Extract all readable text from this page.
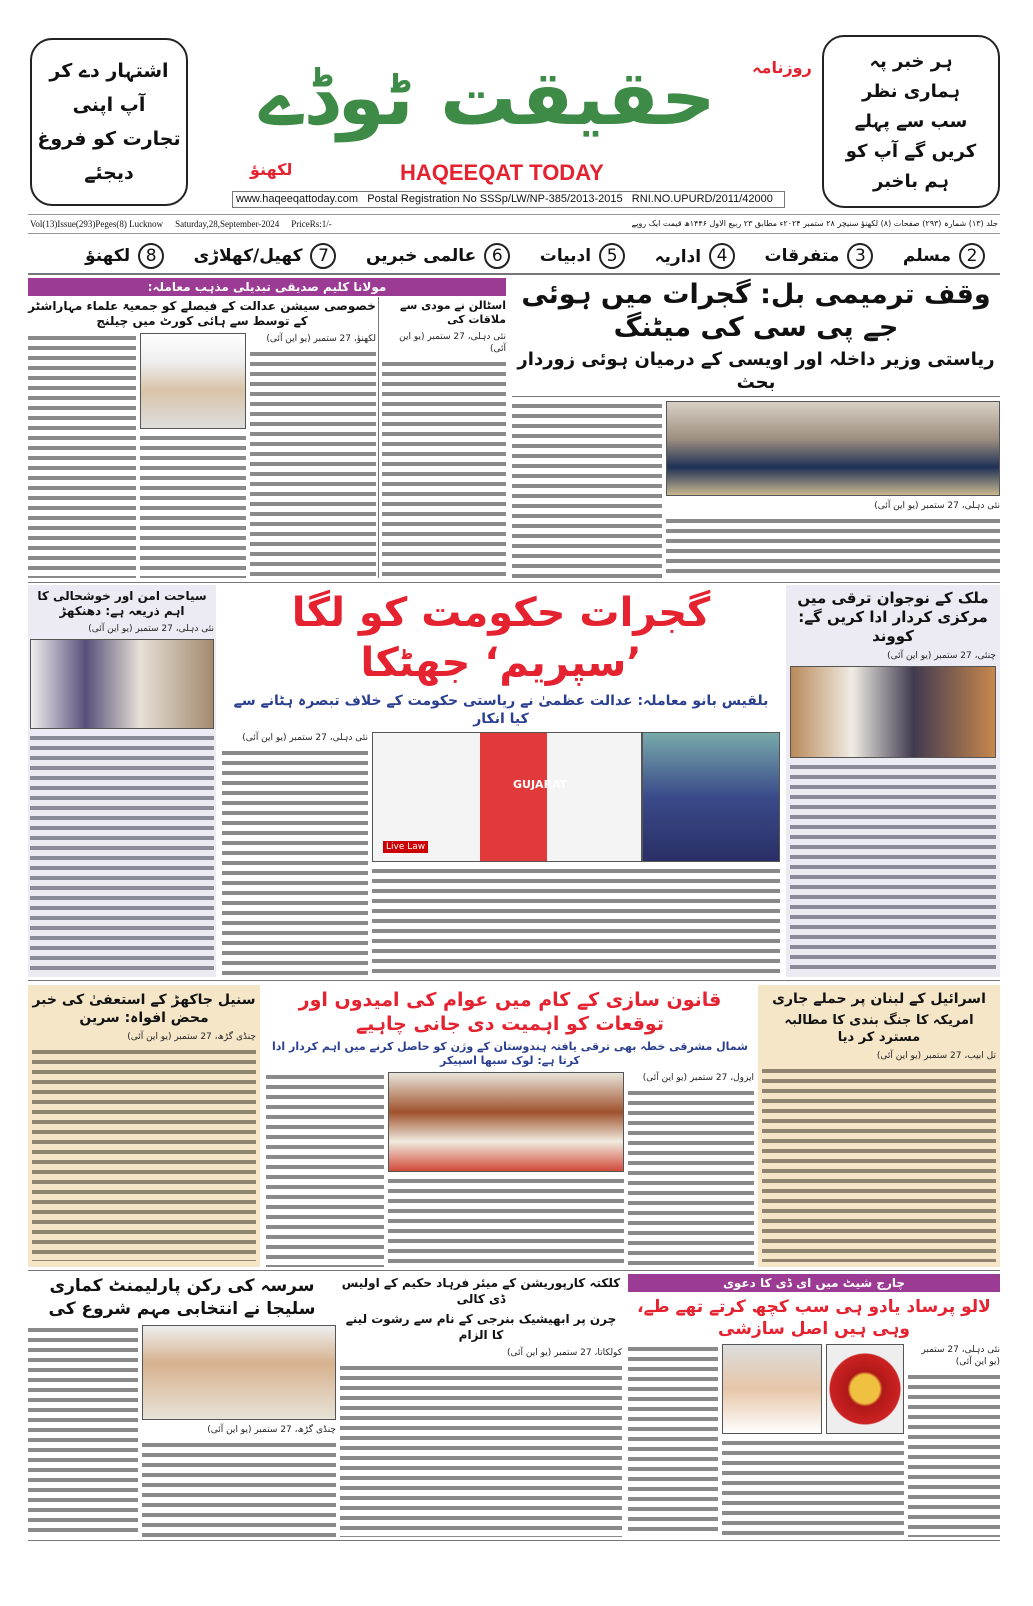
اشتہار دے کر
آپ اپنی
تجارت کو فروغ
دیجئے
ہر خبر پہ
ہماری نظر
سب سے پہلے
کریں گے آپ کو
ہم باخبر
حقیقت ٹوڈے	روزنامہ
لکھنؤ	HAQEEQAT TODAY
www.haqeeqattoday.com   Postal Registration No SSSp/LW/NP-385/2013-2015   RNI.NO.UPURD/2011/42000
Vol(13)Issue(293)Peges(8) Lucknow Saturday,28,September-2024 PriceRs:1/-	جلد (۱۳) شمارہ (۲۹۳) صفحات (۸) لکھنؤ سنیچر ۲۸ ستمبر ۲۰۲۴ء مطابق ۲۳ ربیع الاول ۱۴۴۶ھ قیمت ایک روپے
2
مسلم
3
متفرقات
4
اداریہ
5
ادبیات
6
عالمی خبریں
7
کھیل/کھلاڑی
8
لکھنؤ
مولانا کلیم صدیقی تبدیلی مذہب معاملہ:
خصوصی سیشن عدالت کے فیصلے کو جمعیۃ علماء مہاراشٹر کے توسط سے ہائی کورٹ میں چیلنج
لکھنؤ، 27 ستمبر (یو این آئی)
اسٹالن نے مودی سے ملاقات کی
نئی دہلی، 27 ستمبر (یو این آئی)
وقف ترمیمی بل: گجرات میں ہوئی جے پی سی کی میٹنگ
ریاستی وزیر داخلہ اور اویسی کے درمیان ہوئی زوردار بحث
نئی دہلی، 27 ستمبر (یو این آئی)
سیاحت امن اور خوشحالی کا اہم ذریعہ ہے: دھنکھڑ
نئی دہلی، 27 ستمبر (یو این آئی)	گجرات حکومت کو لگا ’سپریم‘ جھٹکا
بلقیس بانو معاملہ: عدالت عظمیٰ نے ریاستی حکومت کے خلاف تبصرہ ہٹانے سے کیا انکار
نئی دہلی، 27 ستمبر (یو این آئی)
GUJARAT
Live Law
ملک کے نوجوان ترقی میں مرکزی کردار ادا کریں گے: کووند
چنئی، 27 ستمبر (یو این آئی)
سنیل جاکھڑ کے استعفیٰ کی خبر محض افواہ: سرین
چنڈی گڑھ، 27 ستمبر (یو این آئی)
قانون سازی کے کام میں عوام کی امیدوں اور توقعات کو اہمیت دی جانی چاہیے
شمال مشرقی خطہ بھی ترقی یافتہ ہندوستان کے وژن کو حاصل کرنے میں اہم کردار ادا کرتا ہے: لوک سبھا اسپیکر
ایزول، 27 ستمبر (یو این آئی)
اسرائیل کے لبنان پر حملے جاری
امریکہ کا جنگ بندی کا مطالبہ مسترد کر دیا
تل ابیب، 27 ستمبر (یو این آئی)
سرسہ کی رکن پارلیمنٹ کماری سلیجا نے انتخابی مہم شروع کی
چنڈی گڑھ، 27 ستمبر (یو این آئی)
کلکتہ کارپوریشن کے میئر فرہاد حکیم کے اولیس ڈی کالی
چرن پر ابھیشیک بنرجی کے نام سے رشوت لینے کا الزام
کولکاتا، 27 ستمبر (یو این آئی)
چارج شیٹ میں ای ڈی کا دعوی
لالو پرساد یادو ہی سب کچھ کرتے تھے طے، وہی ہیں اصل سازشی
نئی دہلی، 27 ستمبر (یو این آئی)
